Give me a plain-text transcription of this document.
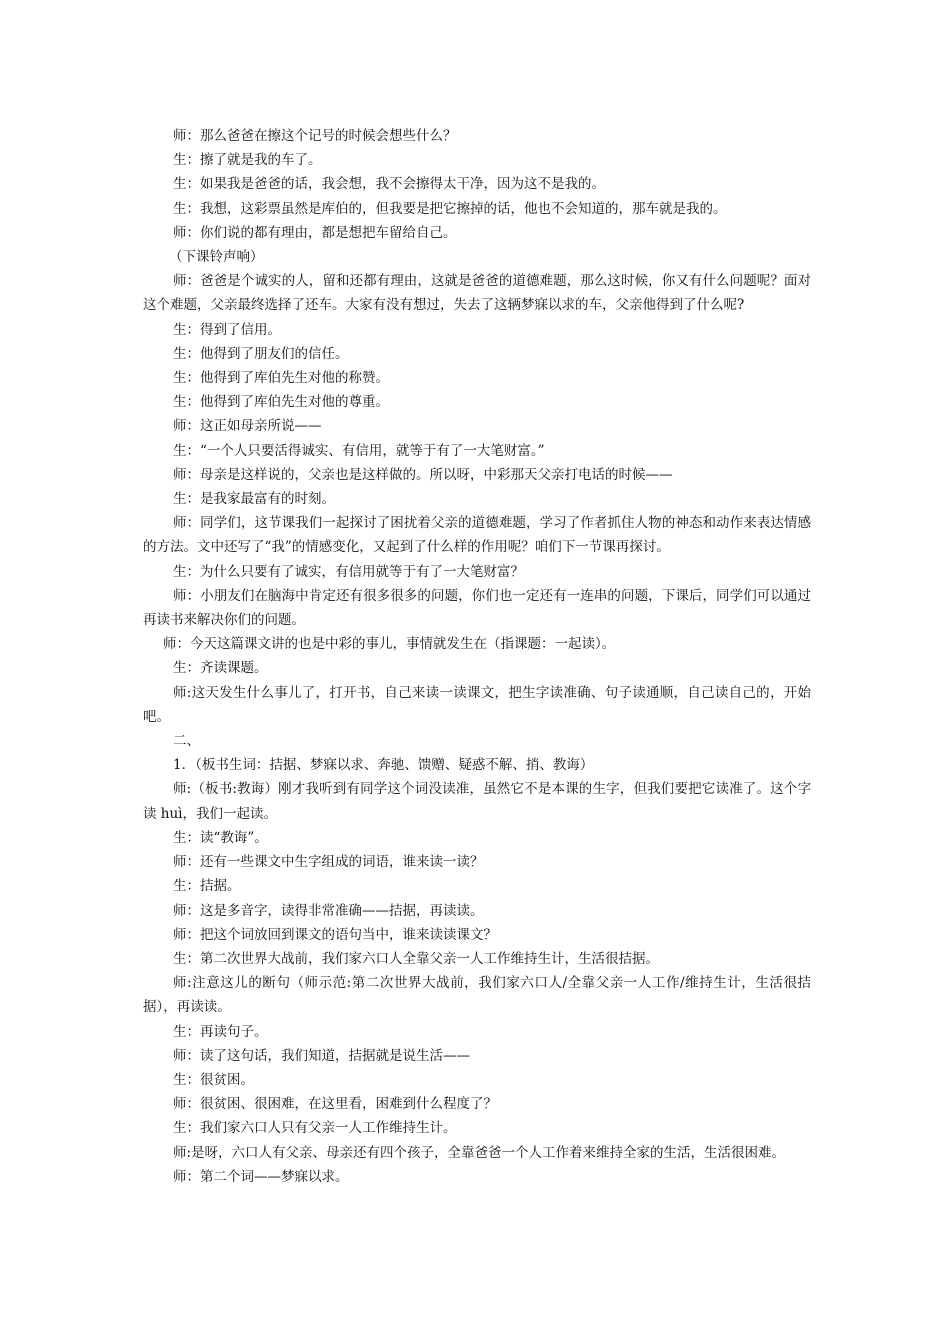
师：那么爸爸在擦这个记号的时候会想些什么？

生：擦了就是我的车了。

生：如果我是爸爸的话，我会想，我不会擦得太干净，因为这不是我的。

生：我想，这彩票虽然是库伯的，但我要是把它擦掉的话，他也不会知道的，那车就是我的。

师：你们说的都有理由，都是想把车留给自己。

（下课铃声响）

师：爸爸是个诚实的人，留和还都有理由，这就是爸爸的道德难题，那么这时候，你又有什么问题呢？面对这个难题，父亲最终选择了还车。大家有没有想过，失去了这辆梦寐以求的车，父亲他得到了什么呢?

生：得到了信用。

生：他得到了朋友们的信任。

生：他得到了库伯先生对他的称赞。

生：他得到了库伯先生对他的尊重。

师：这正如母亲所说——

生：“一个人只要活得诚实、有信用，就等于有了一大笔财富。”

师：母亲是这样说的，父亲也是这样做的。所以呀，中彩那天父亲打电话的时候——

生：是我家最富有的时刻。

师：同学们，这节课我们一起探讨了困扰着父亲的道德难题，学习了作者抓住人物的神态和动作来表达情感的方法。文中还写了“我”的情感变化，又起到了什么样的作用呢？咱们下一节课再探讨。

生：为什么只要有了诚实，有信用就等于有了一大笔财富？

师：小朋友们在脑海中肯定还有很多很多的问题，你们也一定还有一连串的问题，下课后，同学们可以通过再读书来解决你们的问题。

师：今天这篇课文讲的也是中彩的事儿，事情就发生在（指课题：一起读）。

生：齐读课题。

师:这天发生什么事儿了，打开书，自己来读一读课文，把生字读准确、句子读通顺，自己读自己的，开始吧。

二、

1．（板书生词：拮据、梦寐以求、奔驰、馈赠、疑惑不解、捎、教诲）

师:（板书:教诲）刚才我听到有同学这个词没读准，虽然它不是本课的生字，但我们要把它读准了。这个字读 huì，我们一起读。

生：读“教诲”。

师：还有一些课文中生字组成的词语，谁来读一读？

生：拮据。

师：这是多音字，读得非常准确——拮据，再读读。

师：把这个词放回到课文的语句当中，谁来读读课文？

生：第二次世界大战前，我们家六口人全靠父亲一人工作维持生计，生活很拮据。

师:注意这儿的断句（师示范:第二次世界大战前，我们家六口人/全靠父亲一人工作/维持生计，生活很拮据），再读读。

生：再读句子。

师：读了这句话，我们知道，拮据就是说生活——

生：很贫困。

师：很贫困、很困难，在这里看，困难到什么程度了？

生：我们家六口人只有父亲一人工作维持生计。

师:是呀，六口人有父亲、母亲还有四个孩子，全靠爸爸一个人工作着来维持全家的生活，生活很困难。

师：第二个词——梦寐以求。
